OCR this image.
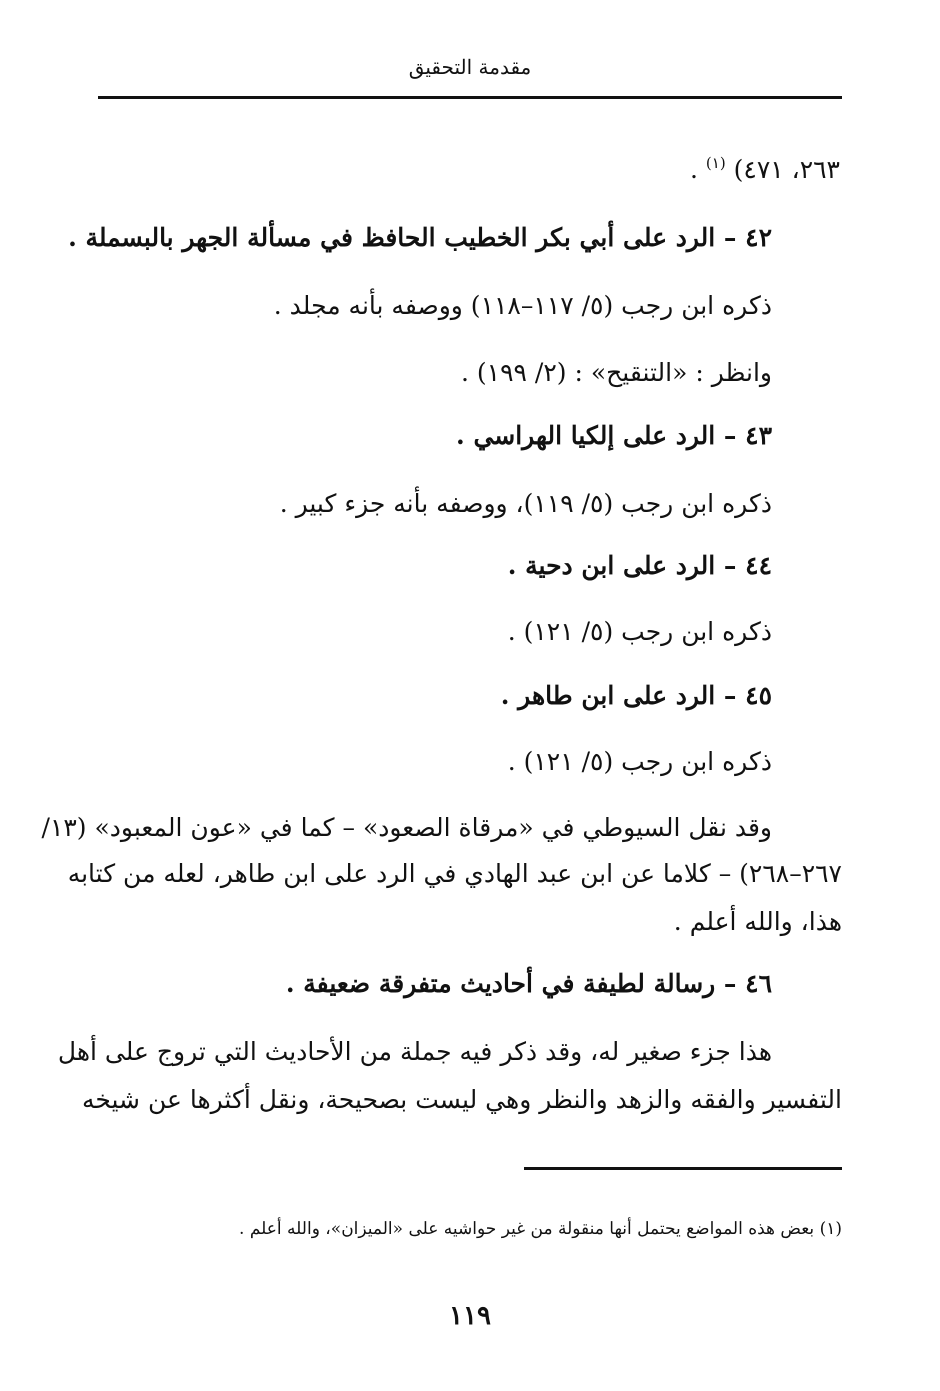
مقدمة التحقيق
٢٦٣، ٤٧١) $^{(١)}$ .
٤٢ – الرد على أبي بكر الخطيب الحافظ في مسألة الجهر بالبسملة .
ذكره ابن رجب (٥/ ١١٧–١١٨) ووصفه بأنه مجلد .
وانظر : «التنقيح» : (٢/ ١٩٩) .
٤٣ – الرد على إلكيا الهراسي .
ذكره ابن رجب (٥/ ١١٩)، ووصفه بأنه جزء كبير .
٤٤ – الرد على ابن دحية .
ذكره ابن رجب (٥/ ١٢١) .
٤٥ – الرد على ابن طاهر .
ذكره ابن رجب (٥/ ١٢١) .
وقد نقل السيوطي في «مرقاة الصعود» – كما في «عون المعبود» (١٣/
٢٦٧–٢٦٨) – كلاما عن ابن عبد الهادي في الرد على ابن طاهر، لعله من كتابه
هذا، والله أعلم .
٤٦ – رسالة لطيفة في أحاديث متفرقة ضعيفة .
هذا جزء صغير له، وقد ذكر فيه جملة من الأحاديث التي تروج على أهل
التفسير والفقه والزهد والنظر وهي ليست بصحيحة، ونقل أكثرها عن شيخه
(١) بعض هذه المواضع يحتمل أنها منقولة من غير حواشيه على «الميزان»، والله أعلم .
١١٩
